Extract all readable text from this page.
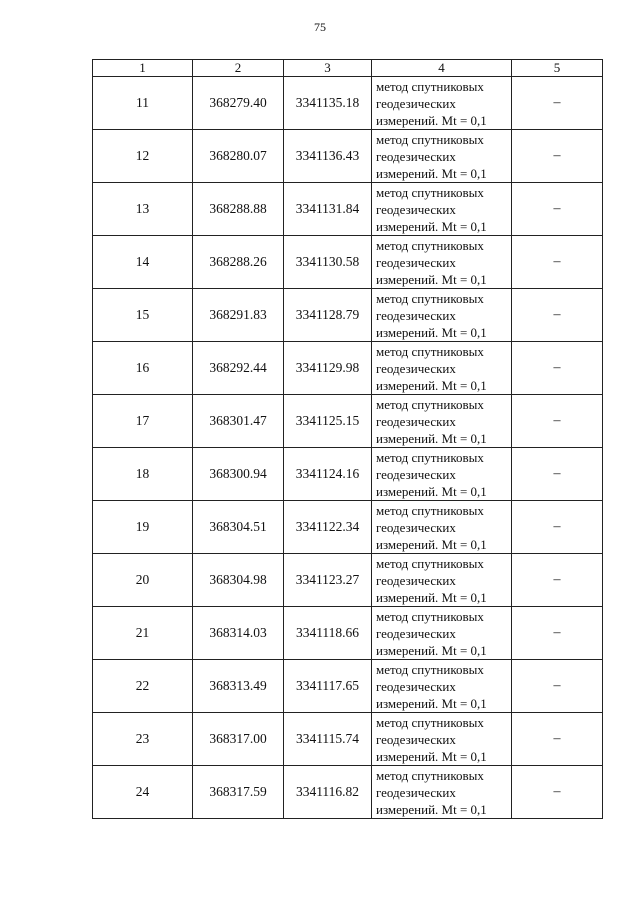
75
1	2	3	4	5
11	368279.40	3341135.18	метод спутниковых
геодезических
измерений. Mt = 0,1	–
12	368280.07	3341136.43	метод спутниковых
геодезических
измерений. Mt = 0,1	–
13	368288.88	3341131.84	метод спутниковых
геодезических
измерений. Mt = 0,1	–
14	368288.26	3341130.58	метод спутниковых
геодезических
измерений. Mt = 0,1	–
15	368291.83	3341128.79	метод спутниковых
геодезических
измерений. Mt = 0,1	–
16	368292.44	3341129.98	метод спутниковых
геодезических
измерений. Mt = 0,1	–
17	368301.47	3341125.15	метод спутниковых
геодезических
измерений. Mt = 0,1	–
18	368300.94	3341124.16	метод спутниковых
геодезических
измерений. Mt = 0,1	–
19	368304.51	3341122.34	метод спутниковых
геодезических
измерений. Mt = 0,1	–
20	368304.98	3341123.27	метод спутниковых
геодезических
измерений. Mt = 0,1	–
21	368314.03	3341118.66	метод спутниковых
геодезических
измерений. Mt = 0,1	–
22	368313.49	3341117.65	метод спутниковых
геодезических
измерений. Mt = 0,1	–
23	368317.00	3341115.74	метод спутниковых
геодезических
измерений. Mt = 0,1	–
24	368317.59	3341116.82	метод спутниковых
геодезических
измерений. Mt = 0,1	–
